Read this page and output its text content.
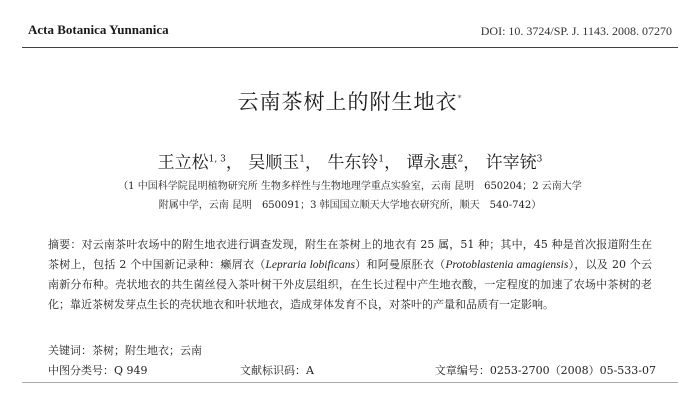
Acta Botanica Yunnanica	DOI: 10. 3724/SP. J. 1143. 2008. 07270
云南茶树上的附生地衣*
王立松$^{1, 3}$， 吴顺玉$^1$， 牛东铃$^1$， 谭永惠$^2$， 许宰铳$^3$
（1 中国科学院昆明植物研究所 生物多样性与生物地理学重点实验室，云南 昆明　650204；2 云南大学
附属中学，云南 昆明　650091；3 韩国国立顺天大学地衣研究所，顺天　540-742）
摘要：对云南茶叶农场中的附生地衣进行调查发现，附生在茶树上的地衣有 25 属，51 种；其中，45 种是首次报道附生在茶树上，包括 2 个中国新记录种：癞屑衣（Lepraria lobificans）和阿曼原胚衣（Protoblastenia amagiensis），以及 20 个云南新分布种。壳状地衣的共生菌丝侵入茶叶树干外皮层组织，在生长过程中产生地衣酸，一定程度的加速了农场中茶树的老化；靠近茶树发芽点生长的壳状地衣和叶状地衣，造成芽体发育不良，对茶叶的产量和品质有一定影响。
关键词：茶树；附生地衣；云南
中图分类号：Q 949	文献标识码：A	文章编号：0253-2700（2008）05-533-07
